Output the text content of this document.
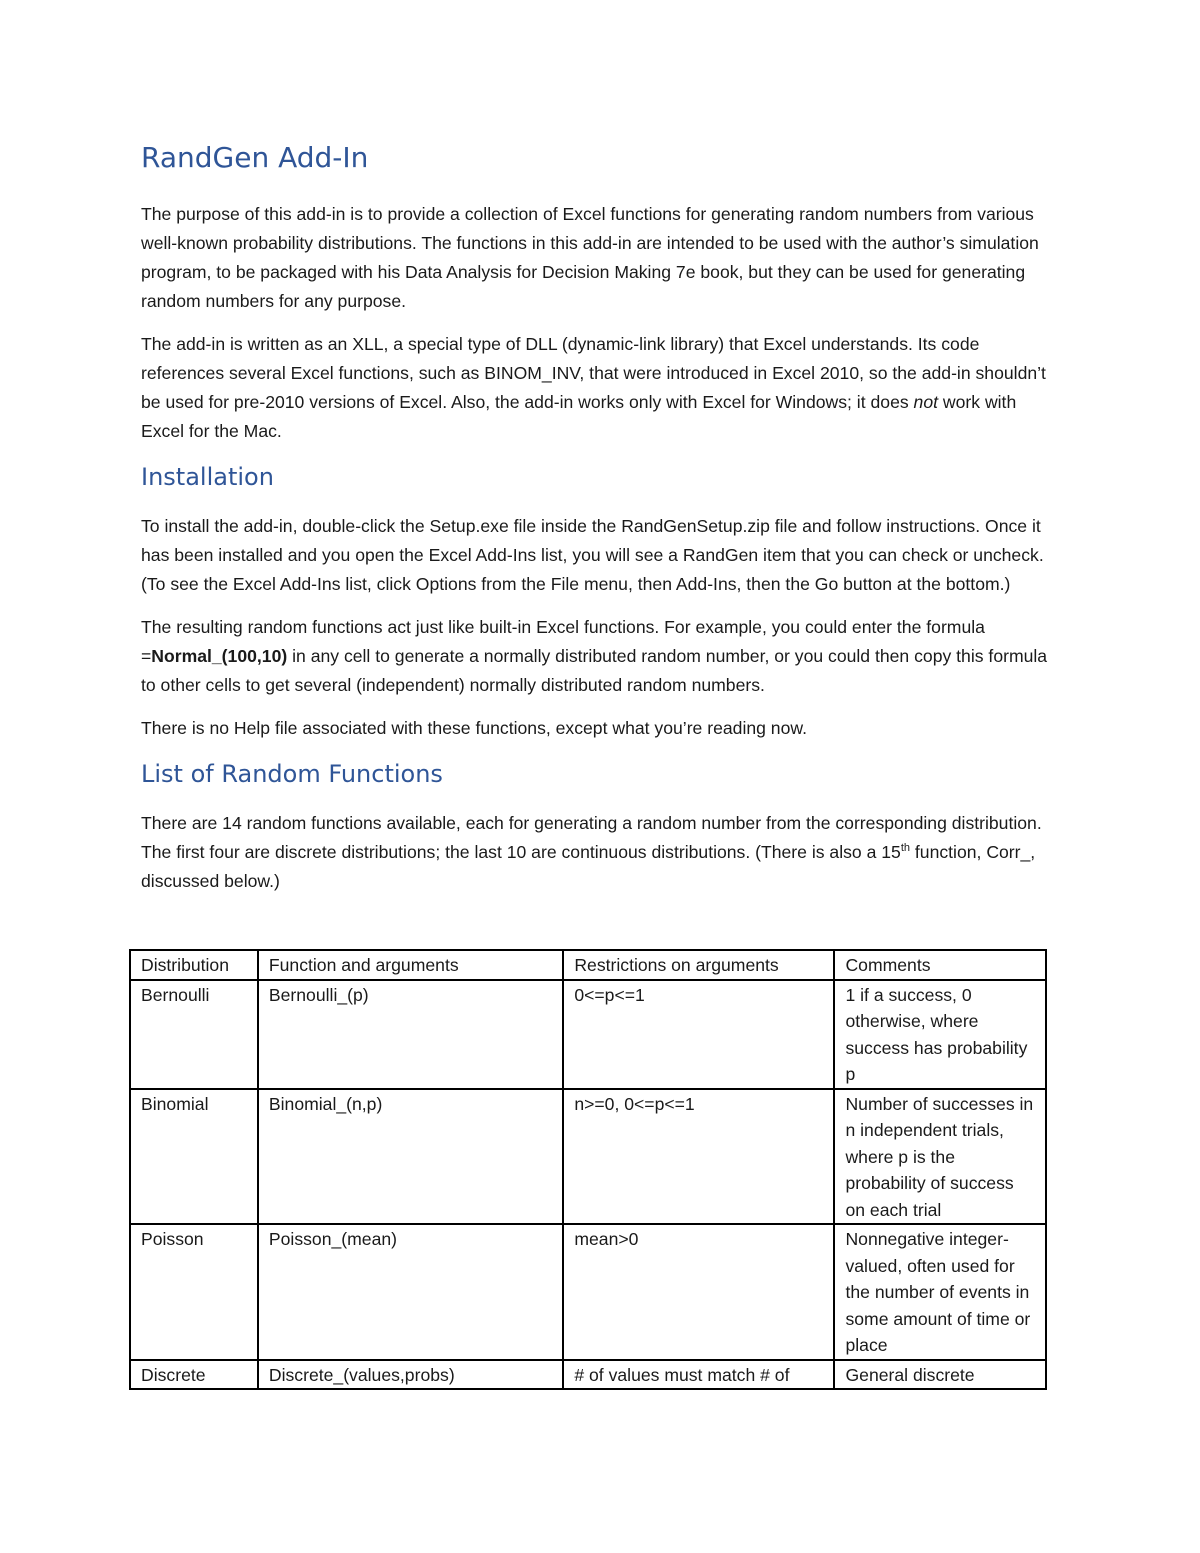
RandGen Add-In

The purpose of this add-in is to provide a collection of Excel functions for generating random numbers from various well-known probability distributions. The functions in this add-in are intended to be used with the author’s simulation program, to be packaged with his Data Analysis for Decision Making 7e book, but they can be used for generating random numbers for any purpose.

The add-in is written as an XLL, a special type of DLL (dynamic-link library) that Excel understands. Its code references several Excel functions, such as BINOM_INV, that were introduced in Excel 2010, so the add-in shouldn’t be used for pre-2010 versions of Excel. Also, the add-in works only with Excel for Windows; it does not work with Excel for the Mac.

Installation

To install the add-in, double-click the Setup.exe file inside the RandGenSetup.zip file and follow instructions. Once it has been installed and you open the Excel Add-Ins list, you will see a RandGen item that you can check or uncheck. (To see the Excel Add-Ins list, click Options from the File menu, then Add-Ins, then the Go button at the bottom.)

The resulting random functions act just like built-in Excel functions. For example, you could enter the formula =Normal_(100,10) in any cell to generate a normally distributed random number, or you could then copy this formula to other cells to get several (independent) normally distributed random numbers.

There is no Help file associated with these functions, except what you’re reading now.

List of Random Functions

There are 14 random functions available, each for generating a random number from the corresponding distribution. The first four are discrete distributions; the last 10 are continuous distributions. (There is also a 15th function, Corr_, discussed below.)

Distribution	Function and arguments	Restrictions on arguments	Comments
Bernoulli	Bernoulli_(p)	0<=p<=1	1 if a success, 0 otherwise, where success has probability p
Binomial	Binomial_(n,p)	n>=0, 0<=p<=1	Number of successes in n independent trials, where p is the probability of success on each trial
Poisson	Poisson_(mean)	mean>0	Nonnegative integer-valued, often used for the number of events in some amount of time or place
Discrete	Discrete_(values,probs)	# of values must match # of	General discrete
